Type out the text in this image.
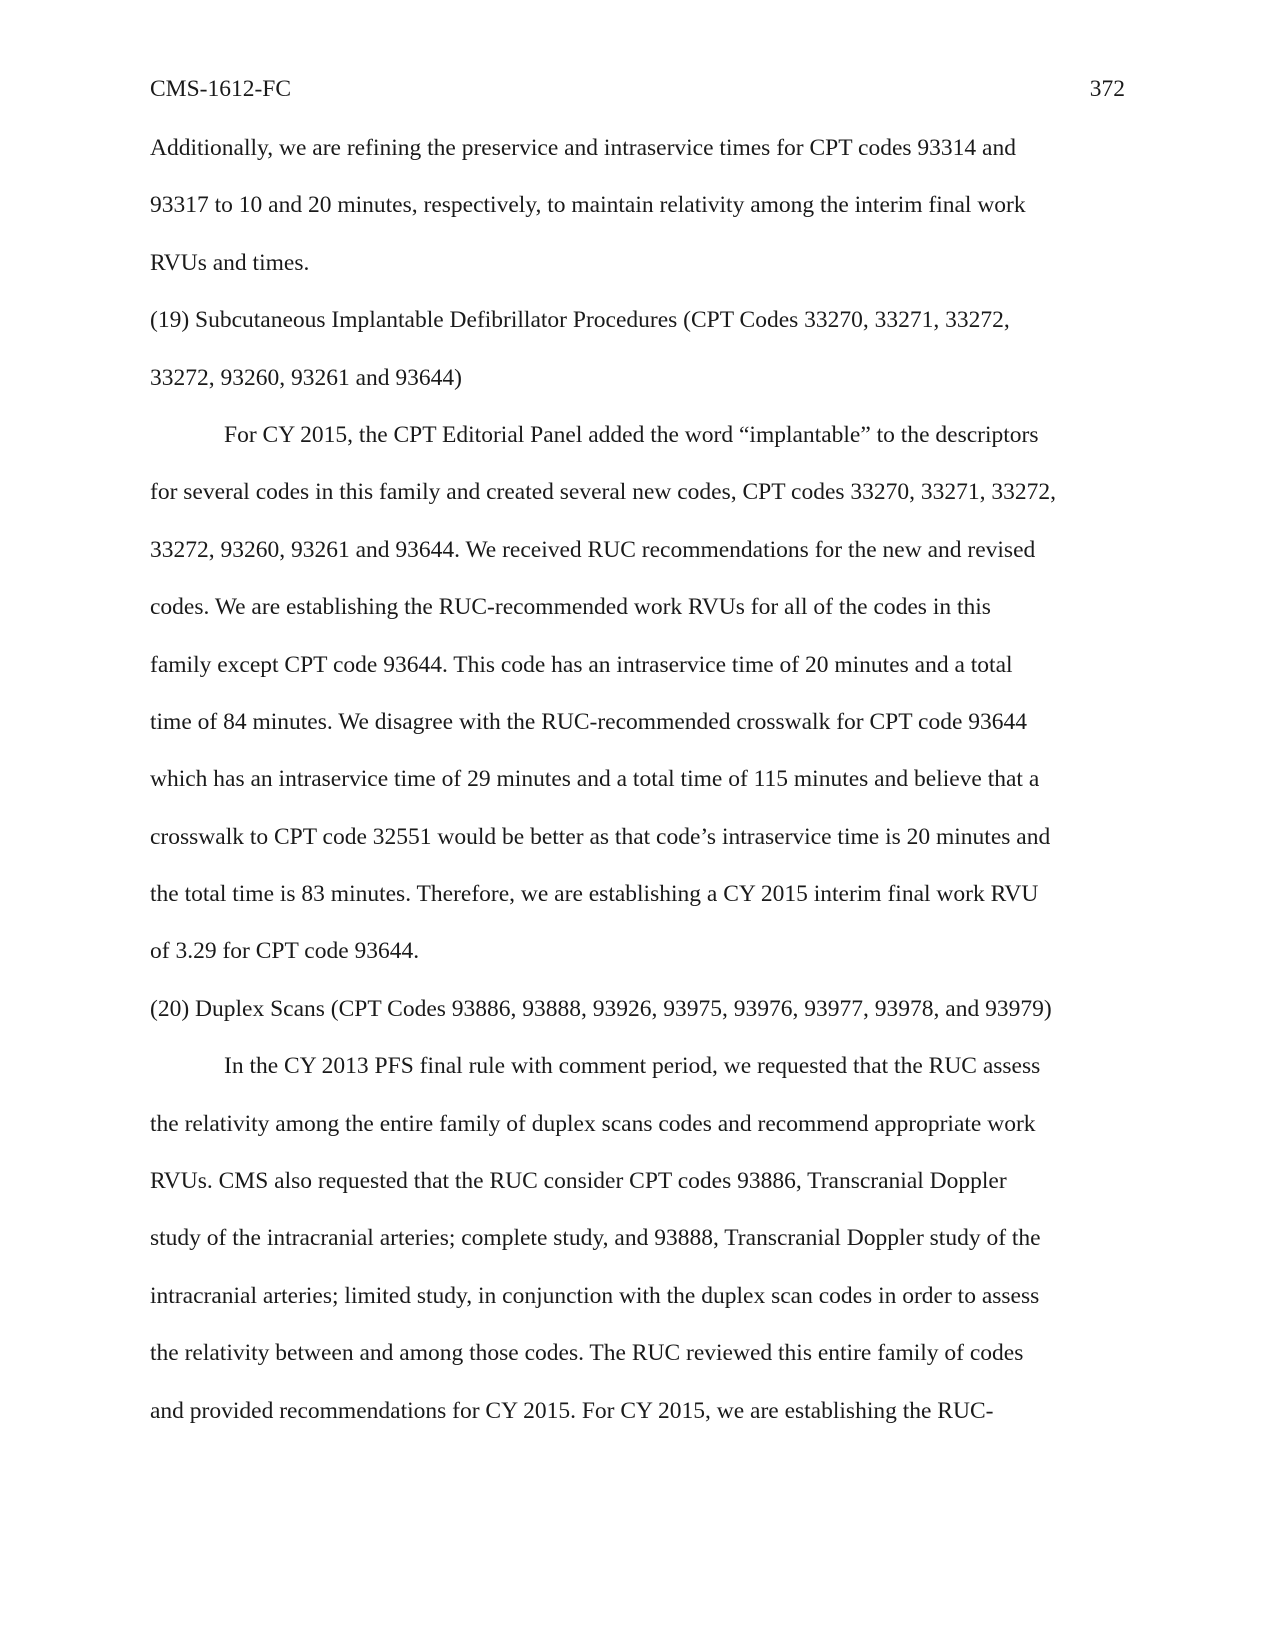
CMS-1612-FC	372
Additionally, we are refining the preservice and intraservice times for CPT codes 93314 and
93317 to 10 and 20 minutes, respectively, to maintain relativity among the interim final work
RVUs and times.
(19) Subcutaneous Implantable Defibrillator Procedures (CPT Codes 33270, 33271, 33272,
33272, 93260, 93261 and 93644)
For CY 2015, the CPT Editorial Panel added the word “implantable” to the descriptors
for several codes in this family and created several new codes, CPT codes 33270, 33271, 33272,
33272, 93260, 93261 and 93644. We received RUC recommendations for the new and revised
codes. We are establishing the RUC-recommended work RVUs for all of the codes in this
family except CPT code 93644. This code has an intraservice time of 20 minutes and a total
time of 84 minutes. We disagree with the RUC-recommended crosswalk for CPT code 93644
which has an intraservice time of 29 minutes and a total time of 115 minutes and believe that a
crosswalk to CPT code 32551 would be better as that code’s intraservice time is 20 minutes and
the total time is 83 minutes. Therefore, we are establishing a CY 2015 interim final work RVU
of 3.29 for CPT code 93644.
(20) Duplex Scans (CPT Codes 93886, 93888, 93926, 93975, 93976, 93977, 93978, and 93979)
In the CY 2013 PFS final rule with comment period, we requested that the RUC assess
the relativity among the entire family of duplex scans codes and recommend appropriate work
RVUs. CMS also requested that the RUC consider CPT codes 93886, Transcranial Doppler
study of the intracranial arteries; complete study, and 93888, Transcranial Doppler study of the
intracranial arteries; limited study, in conjunction with the duplex scan codes in order to assess
the relativity between and among those codes. The RUC reviewed this entire family of codes
and provided recommendations for CY 2015. For CY 2015, we are establishing the RUC-
